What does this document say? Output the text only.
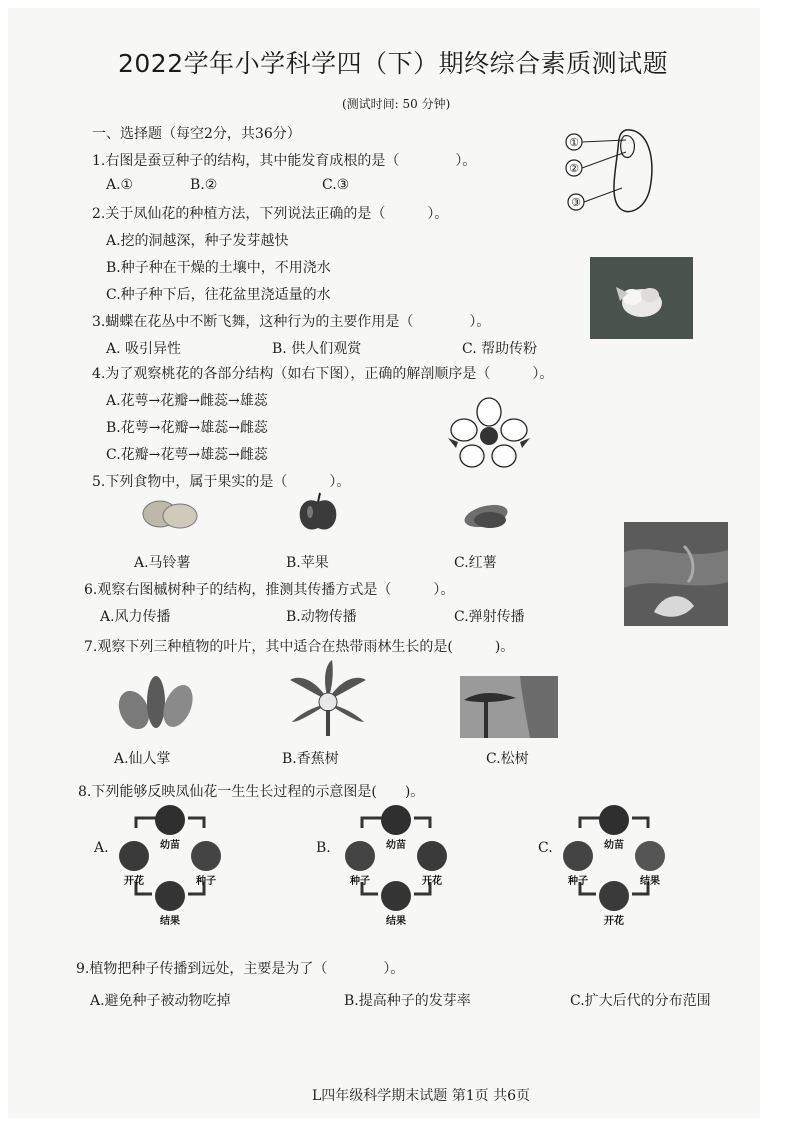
2022学年小学科学四（下）期终综合素质测试题
(测试时间: 50 分钟)
一、选择题（每空2分，共36分）
1.右图是蚕豆种子的结构，其中能发育成根的是（　　　　）。
A.①	B.②	C.③
①
②
③
2.关于凤仙花的种植方法，下列说法正确的是（　　　）。
A.挖的洞越深，种子发芽越快
B.种子种在干燥的土壤中，不用浇水
C.种子种下后，往花盆里浇适量的水
3.蝴蝶在花丛中不断飞舞，这种行为的主要作用是（　　　　）。
A. 吸引异性	B. 供人们观赏	C. 帮助传粉
4.为了观察桃花的各部分结构（如右下图），正确的解剖顺序是（　　　）。
A.花萼→花瓣→雌蕊→雄蕊
B.花萼→花瓣→雄蕊→雌蕊
C.花瓣→花萼→雄蕊→雌蕊
5.下列食物中，属于果实的是（　　　）。
A.马铃薯	B.苹果	C.红薯
6.观察右图槭树种子的结构，推测其传播方式是（　　　）。
A.风力传播	B.动物传播	C.弹射传播
7.观察下列三种植物的叶片，其中适合在热带雨林生长的是(　　　)。
A.仙人掌	B.香蕉树	C.松树
8.下列能够反映凤仙花一生生长过程的示意图是(　　)。
A.	B.	C.
幼苗
开花	种子
结果
幼苗
种子	开花
结果
幼苗
种子	结果
开花
9.植物把种子传播到远处，主要是为了（　　　　）。
A.避免种子被动物吃掉	B.提高种子的发芽率	C.扩大后代的分布范围
L四年级科学期末试题 第1页 共6页
